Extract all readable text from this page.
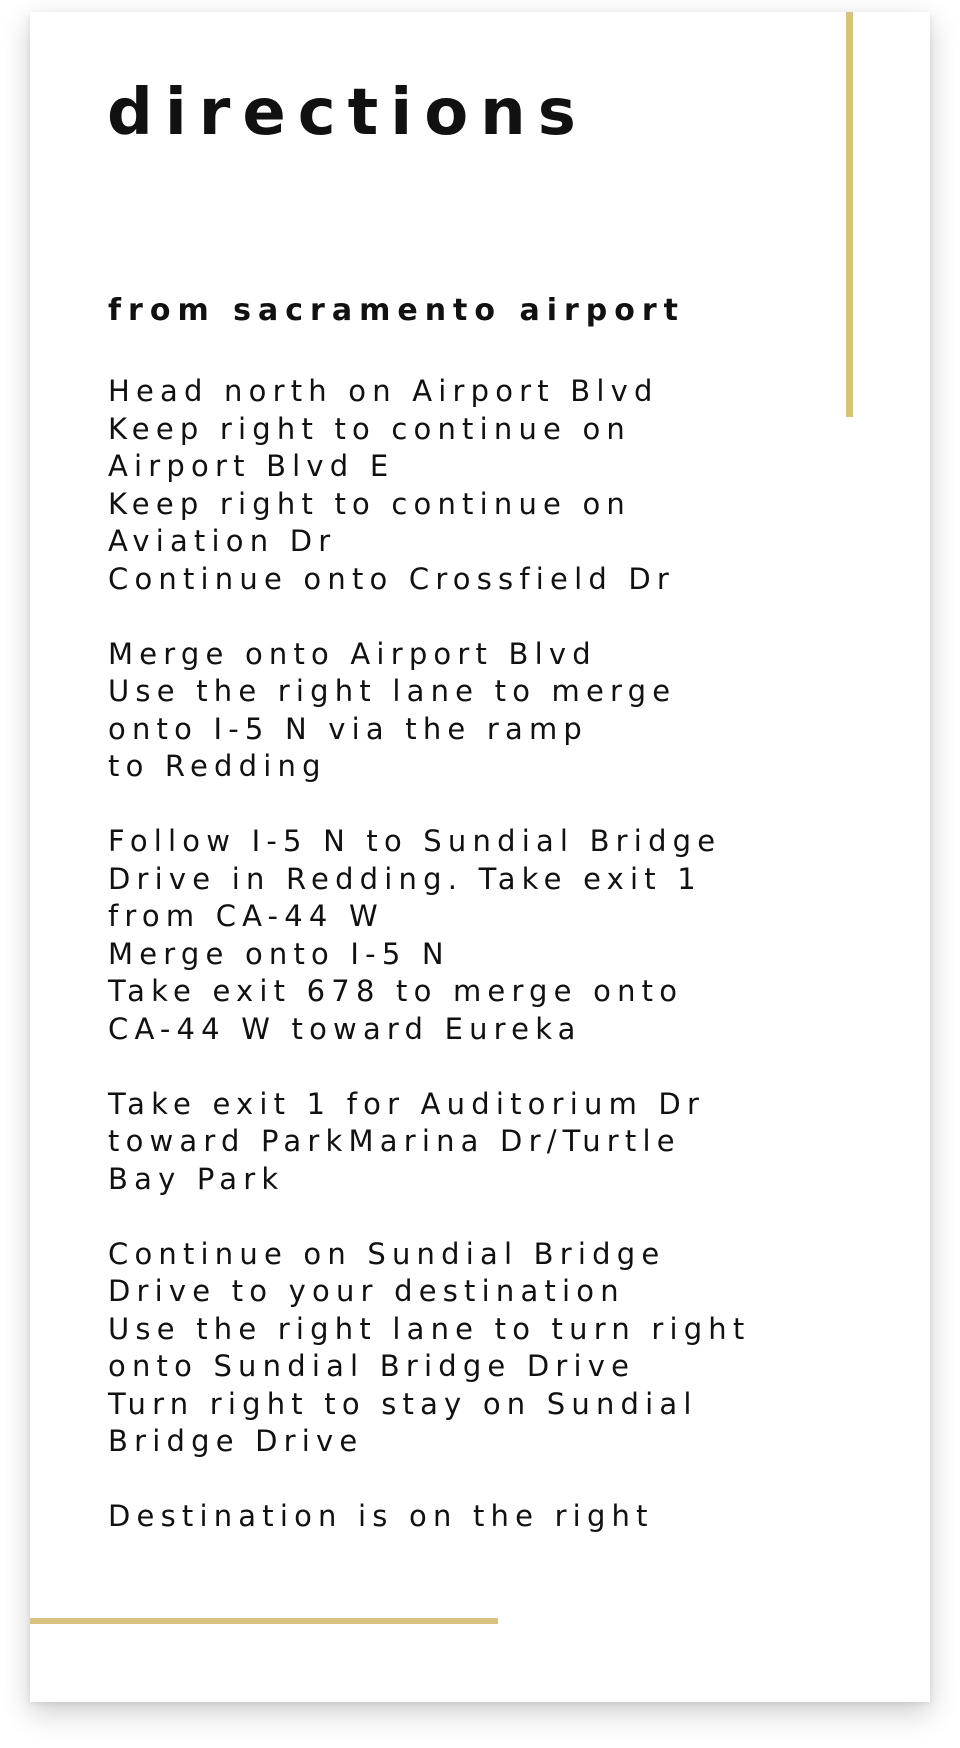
directions
from sacramento airport
Head north on Airport Blvd
Keep right to continue on
Airport Blvd E
Keep right to continue on
Aviation Dr
Continue onto Crossfield Dr
Merge onto Airport Blvd
Use the right lane to merge
onto I-5 N via the ramp
to Redding
Follow I-5 N to Sundial Bridge
Drive in Redding. Take exit 1
from CA-44 W
Merge onto I-5 N
Take exit 678 to merge onto
CA-44 W toward Eureka
Take exit 1 for Auditorium Dr
toward ParkMarina Dr/Turtle
Bay Park
Continue on Sundial Bridge
Drive to your destination
Use the right lane to turn right
onto Sundial Bridge Drive
Turn right to stay on Sundial
Bridge Drive
Destination is on the right
